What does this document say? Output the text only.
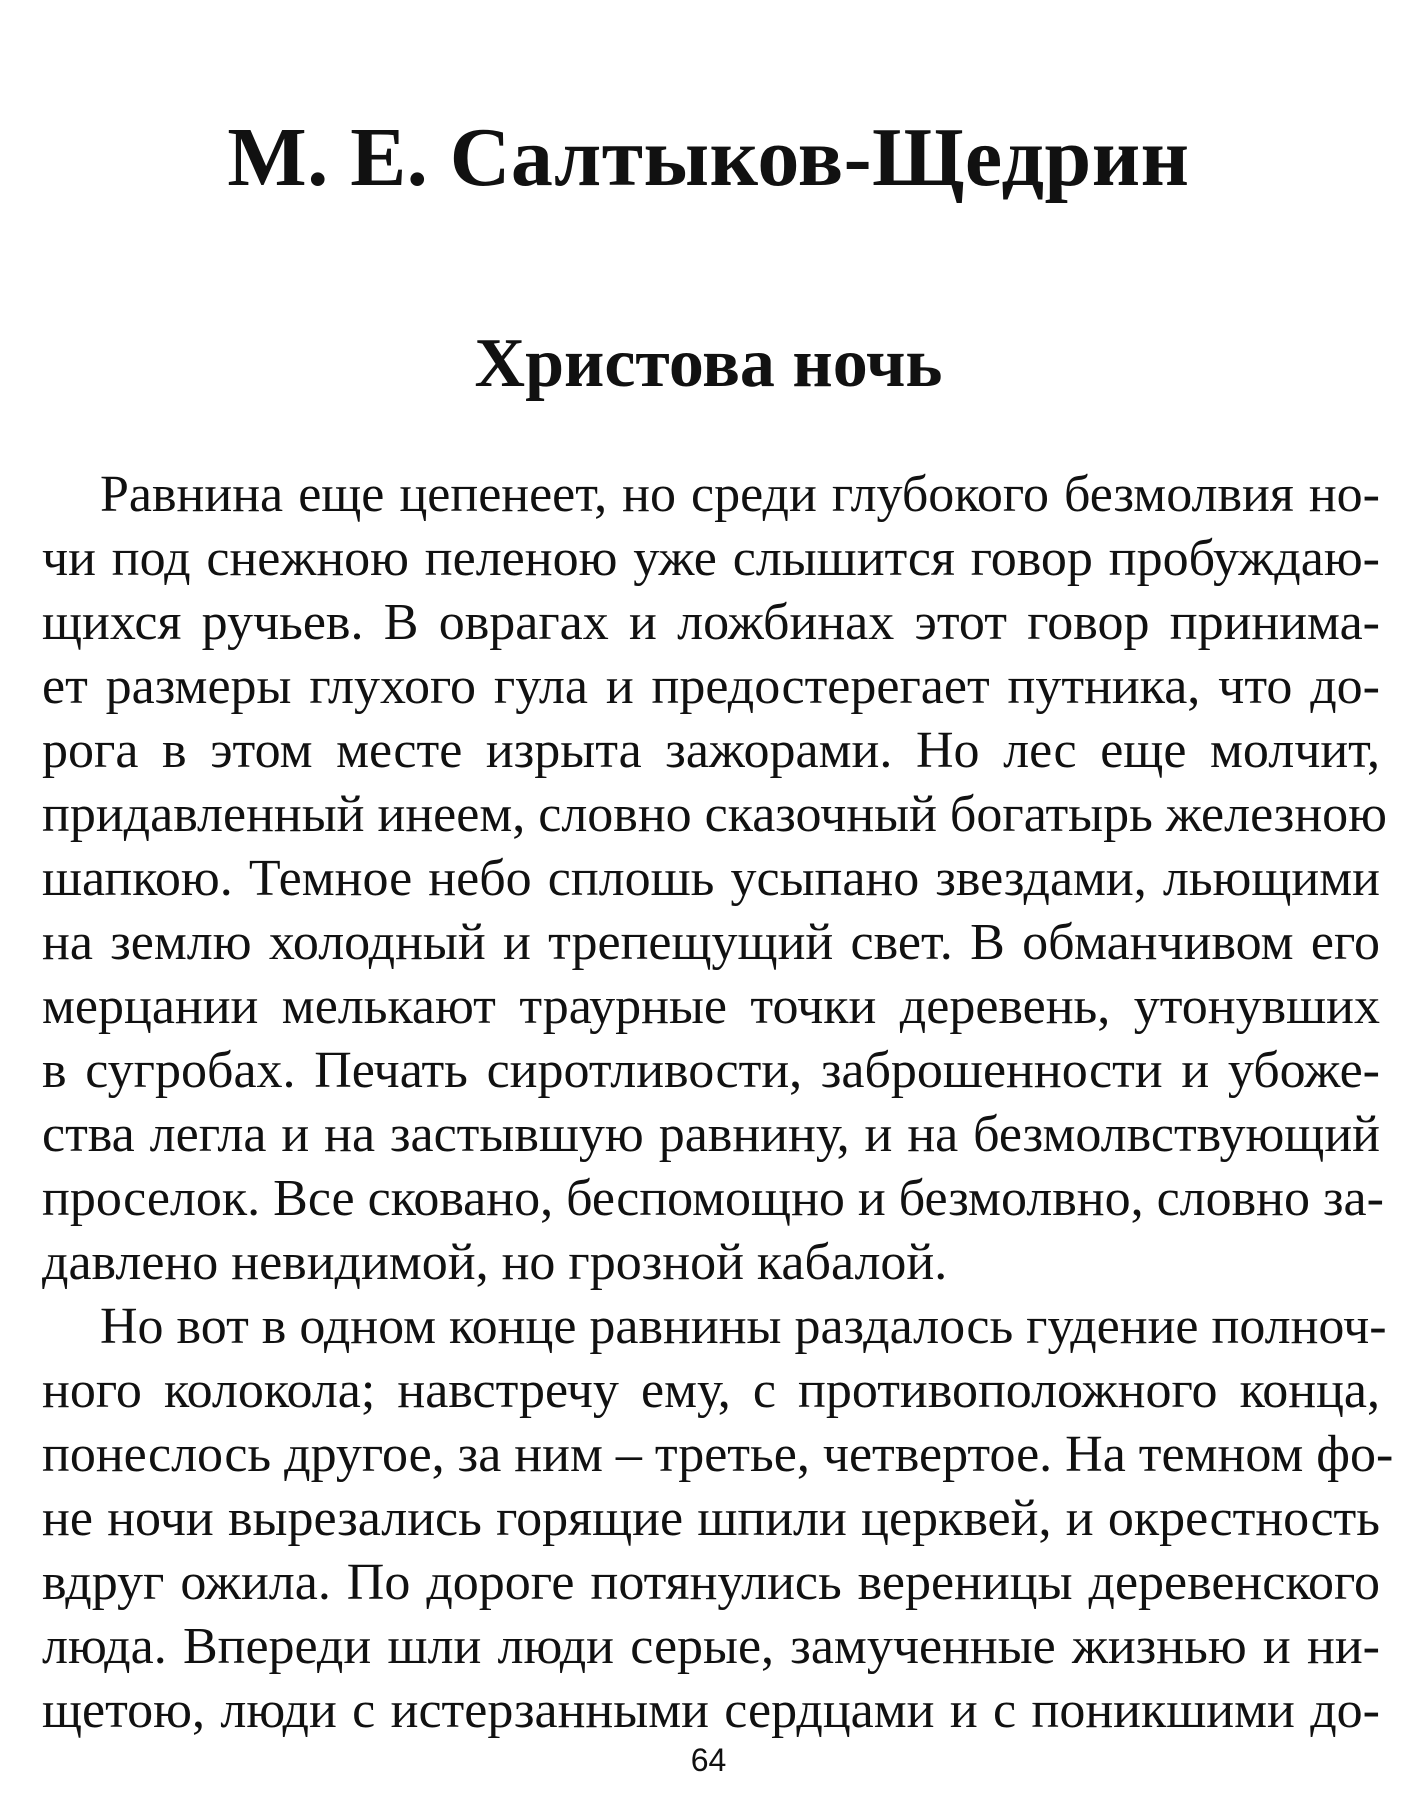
М. Е. Салтыков-Щедрин
Христова ночь
Равнина еще цепенеет, но среди глубокого безмолвия но-
чи под снежною пеленою уже слышится говор пробуждаю-
щихся ручьев. В оврагах и ложбинах этот говор принима-
ет размеры глухого гула и предостерегает путника, что до-
рога в этом месте изрыта зажорами. Но лес еще молчит,
придавленный инеем, словно сказочный богатырь железною
шапкою. Темное небо сплошь усыпано звездами, льющими
на землю холодный и трепещущий свет. В обманчивом его
мерцании мелькают траурные точки деревень, утонувших
в сугробах. Печать сиротливости, заброшенности и убоже-
ства легла и на застывшую равнину, и на безмолвствующий
проселок. Все сковано, беспомощно и безмолвно, словно за-
давлено невидимой, но грозной кабалой.
Но вот в одном конце равнины раздалось гудение полноч-
ного колокола; навстречу ему, с противоположного конца,
понеслось другое, за ним – третье, четвертое. На темном фо-
не ночи вырезались горящие шпили церквей, и окрестность
вдруг ожила. По дороге потянулись вереницы деревенского
люда. Впереди шли люди серые, замученные жизнью и ни-
щетою, люди с истерзанными сердцами и с поникшими до-
64
